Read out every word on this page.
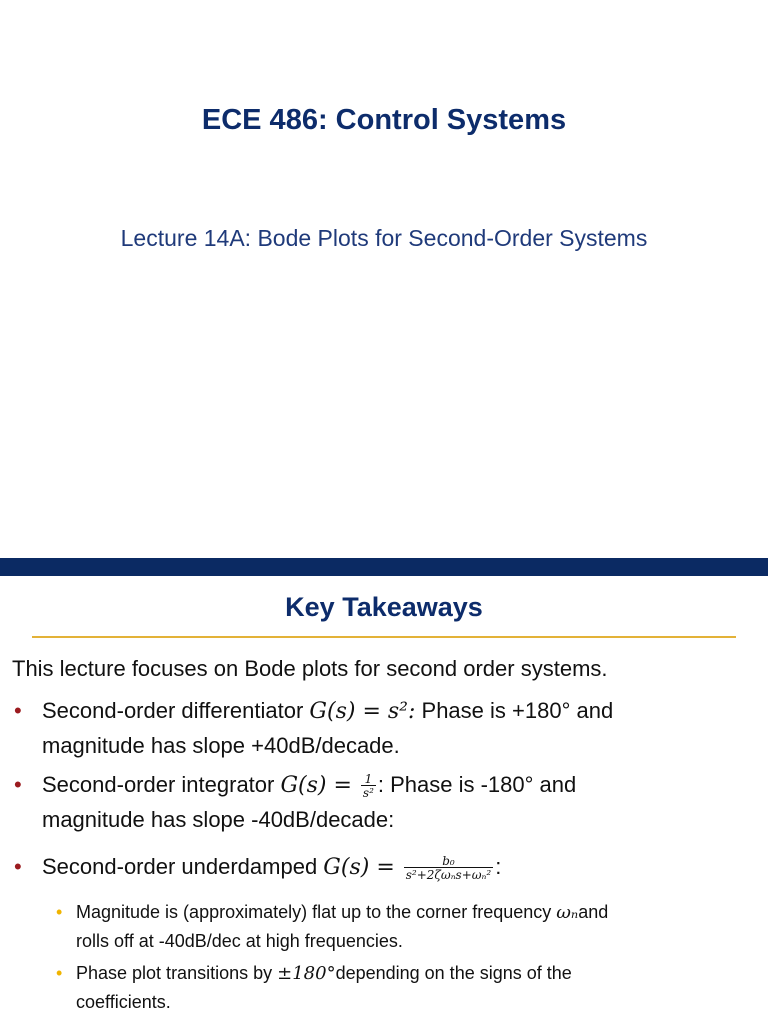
ECE 486: Control Systems
Lecture 14A: Bode Plots for Second-Order Systems
Key Takeaways
This lecture focuses on Bode plots for second order systems.
• Second-order differentiator G(s) = s²: Phase is +180° and
magnitude has slope +40dB/decade.
• Second-order integrator $G(s) = \frac{1}{\text{s²}}$ : Phase is -180° and
magnitude has slope -40dB/decade:
• Second-order underdamped $G(s) = \frac{\text{b₀}}{\text{s²+2ζωₙs+ωₙ²}}$ :
• Magnitude is (approximately) flat up to the corner frequency ωₙand
rolls off at -40dB/dec at high frequencies.
• Phase plot transitions by ±180°depending on the signs of the
coefficients.
